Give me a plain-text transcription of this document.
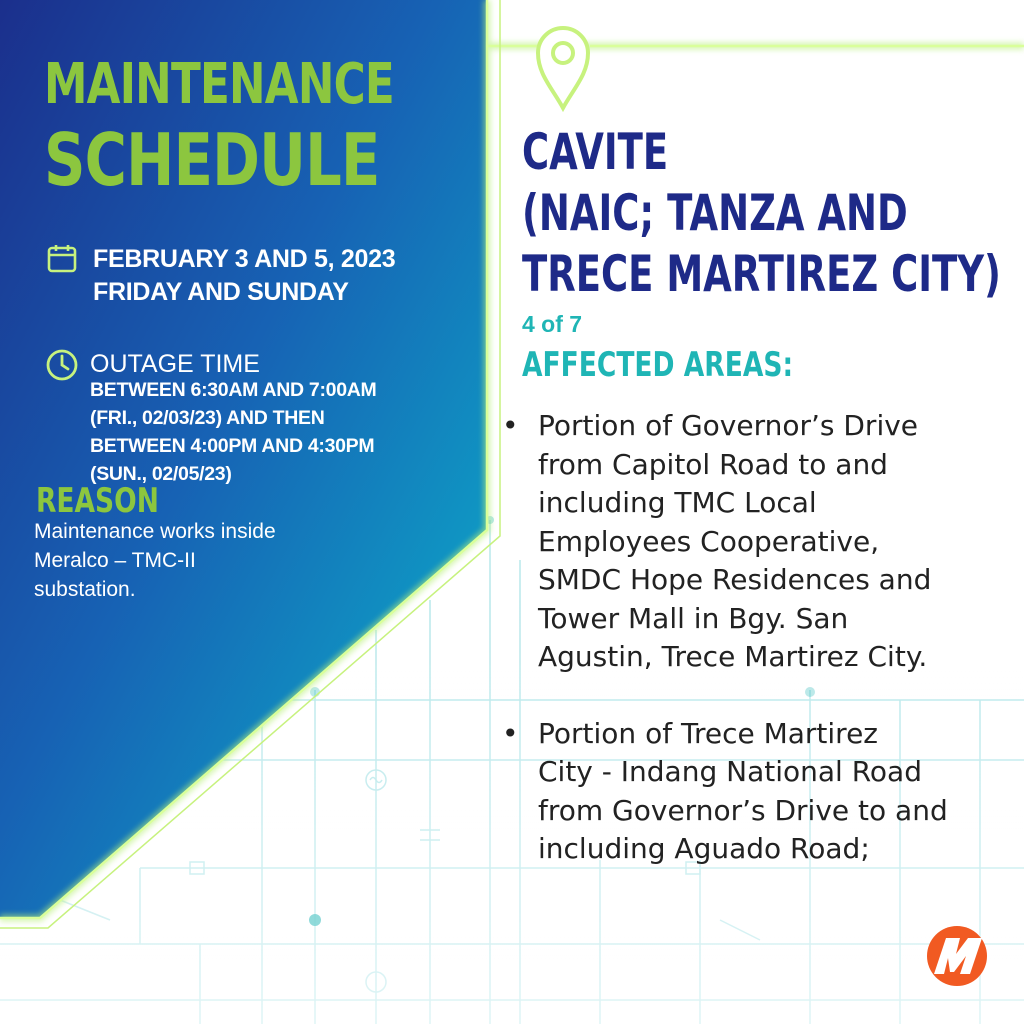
MAINTENANCE
SCHEDULE
FEBRUARY 3 AND 5, 2023
FRIDAY AND SUNDAY
OUTAGE TIME
BETWEEN 6:30AM AND 7:00AM
(FRI., 02/03/23) AND THEN
BETWEEN 4:00PM AND 4:30PM
(SUN., 02/05/23)
REASON
Maintenance works inside
Meralco – TMC-II
substation.
CAVITE
(NAIC; TANZA AND
TRECE MARTIREZ CITY)
4 of 7
AFFECTED AREAS:
• Portion of Governor’s Drive
from Capitol Road to and
including TMC Local
Employees Cooperative,
SMDC Hope Residences and
Tower Mall in Bgy. San
Agustin, Trece Martirez City.
• Portion of Trece Martirez
City - Indang National Road
from Governor’s Drive to and
including Aguado Road;
